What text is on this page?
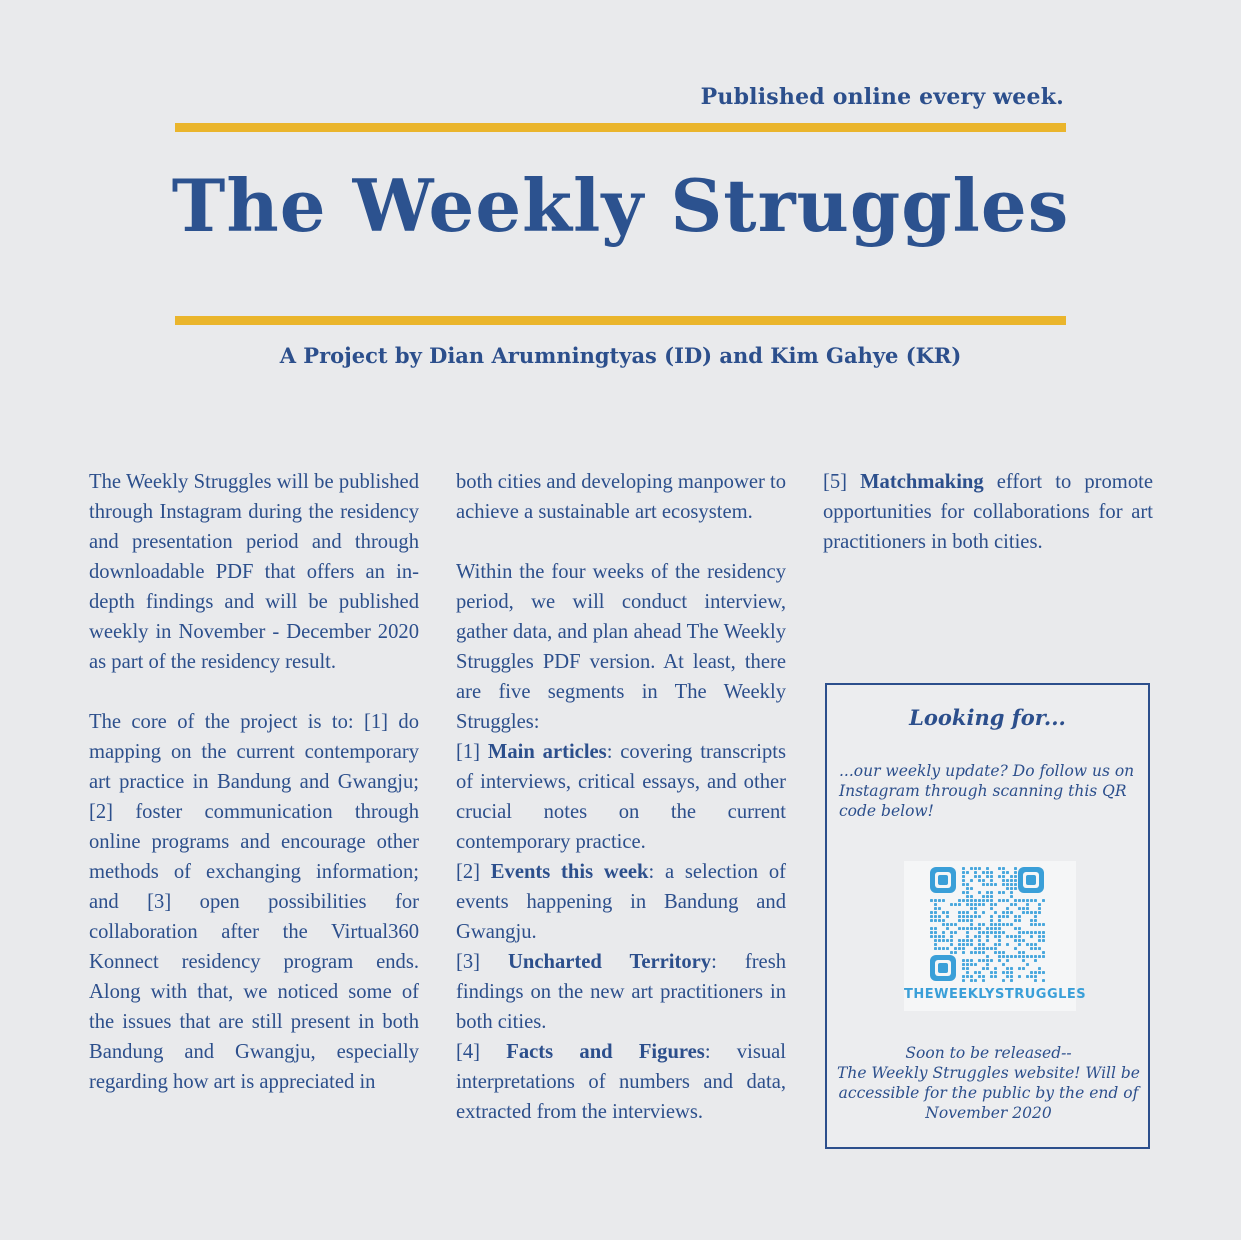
Published online every week.
The Weekly Struggles
A Project by Dian Arumningtyas (ID) and Kim Gahye (KR)

The Weekly Struggles will be published through Instagram during the residency and presentation period and through downloadable PDF that offers an in-depth findings and will be published weekly in November - December 2020 as part of the residency result.

The core of the project is to: [1] do mapping on the current contemporary art practice in Bandung and Gwangju; [2] foster communication through online programs and encourage other methods of exchanging information; and [3] open possibilities for collaboration after the Virtual360 Konnect residency program ends. Along with that, we noticed some of the issues that are still present in both Bandung and Gwangju, especially regarding how art is appreciated in

both cities and developing manpower to achieve a sustainable art ecosystem.

Within the four weeks of the residency period, we will conduct interview, gather data, and plan ahead The Weekly Struggles PDF version. At least, there are five segments in The Weekly Struggles:

[1] Main articles: covering transcripts of interviews, critical essays, and other crucial notes on the current contemporary practice.

[2] Events this week: a selection of events happening in Bandung and Gwangju.

[3] Uncharted Territory: fresh findings on the new art practitioners in both cities.

[4] Facts and Figures: visual interpretations of numbers and data, extracted from the interviews.

[5] Matchmaking effort to promote opportunities for collaborations for art practitioners in both cities.

Looking for...
...our weekly update? Do follow us on Instagram through scanning this QR code below!
THEWEEKLYSTRUGGLES
Soon to be released--
The Weekly Struggles website! Will be accessible for the public by the end of November 2020
